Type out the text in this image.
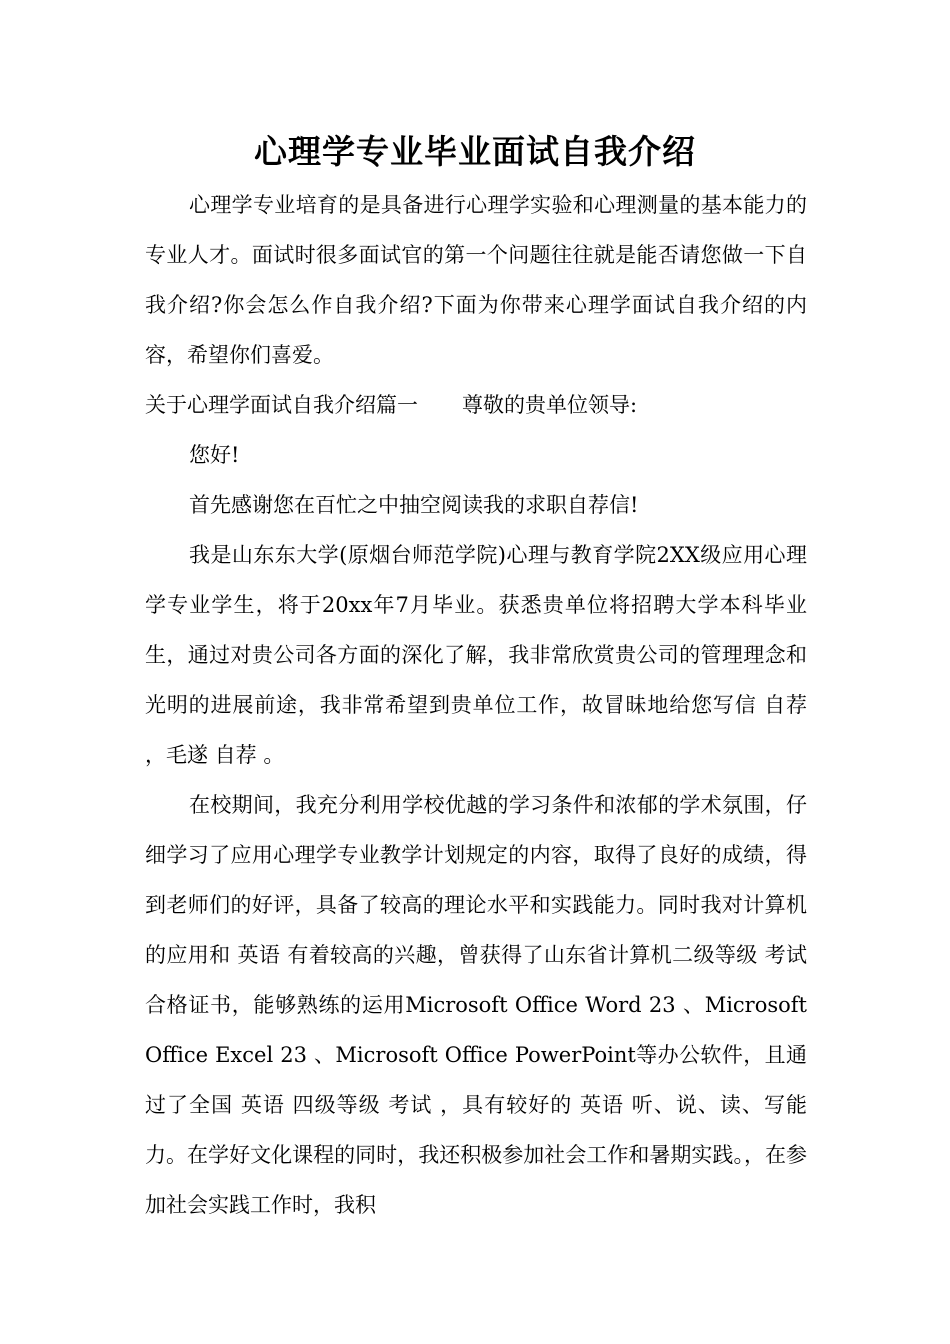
心理学专业毕业面试自我介绍

心理学专业培育的是具备进行心理学实验和心理测量的基本能力的专业人才。面试时很多面试官的第一个问题往往就是能否请您做一下自我介绍?你会怎么作自我介绍?下面为你带来心理学面试自我介绍的内容，希望你们喜爱。

关于心理学面试自我介绍篇一 尊敬的贵单位领导:

您好!

首先感谢您在百忙之中抽空阅读我的求职自荐信!

我是山东东大学(原烟台师范学院)心理与教育学院2XX级应用心理学专业学生，将于20xx年7月毕业。获悉贵单位将招聘大学本科毕业生，通过对贵公司各方面的深化了解，我非常欣赏贵公司的管理理念和光明的进展前途，我非常希望到贵单位工作，故冒昧地给您写信 自荐 ，毛遂 自荐 。

在校期间，我充分利用学校优越的学习条件和浓郁的学术氛围，仔细学习了应用心理学专业教学计划规定的内容，取得了良好的成绩，得到老师们的好评，具备了较高的理论水平和实践能力。同时我对计算机的应用和 英语 有着较高的兴趣，曾获得了山东省计算机二级等级 考试 合格证书，能够熟练的运用Microsoft Office Word 23 、Microsoft Office Excel 23 、Microsoft Office PowerPoint等办公软件，且通过了全国 英语 四级等级 考试 ，具有较好的 英语 听、说、读、写能力。在学好文化课程的同时，我还积极参加社会工作和暑期实践。，在参加社会实践工作时，我积
